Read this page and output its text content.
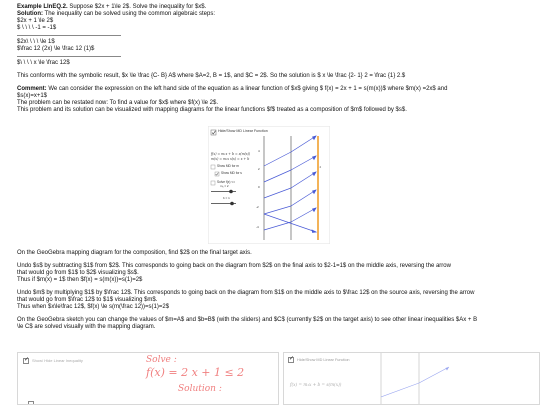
Example LInEQ.2. Suppose $2x + 1\le 2$. Solve the inequality for $x$.

Solution: The inequality can be solved using the common algebraic steps:

$2x + 1 \le 2$

$ \ \ \ \ -1 = -1$

$2x\ \ \ \ \le 1$

$\frac 12 (2x) \le \frac 12 (1)$

$\ \ \ \ x \le \frac 12$

This conforms with the symbolic result, $x \le \frac {C- B} A$ where $A=2, B = 1$, and $C = 2$. So the solution is $ x \le \frac {2- 1} 2 = \frac {1} 2.$

Comment: We can consider the expression on the left hand side of the equation as a linear function of $x$ giving $ f(x) = 2x + 1 = s(m(x))$ where $m(x) =2x$ and

$s(x)=x+1$

The problem can be restated now: To find a value for $x$ where $f(x) \le 2$.

This problem and its solution can be visualized with mapping diagrams for the linear functions $f$ treated as a composition of $m$ followed by $s$.

On the GeoGebra mapping diagram for the composition, find $2$ on the final target axis.

Undo $s$ by subtracting $1$ from $2$. This corresponds to going back on the diagram from $2$ on the final axis to $2-1=1$ on the middle axis, reversing the arrow

that would go from $1$ to $2$ visualizing $s$.

Thus if $m(x) = 1$ then $f(x) = s(m(x))=s(1)=2$

Undo $m$ by multiplying $1$ by $\frac 12$. This corresponds to going back on the diagram from $1$ on the middle axis to $\frac 12$ on the source axis, reversing the arrow

that would go from $\frac 12$ to $1$ visualizing $m$.

Thus when $x\le\frac 12$, $f(x) \le s(m(\frac 12))=s(1)=2$

On the GeoGebra sketch you can change the values of $m=A$ and $b=B$ (with the sliders) and $C$ (currently $2$ on the target axis) to see other linear inequalities $Ax + B

\le C$ are solved visually with the mapping diagram.

Hide/Show MD Linear Function
f(x) = m₁x + b = s(m(x))
m(x) = m₁x s(x) = x + b
Show MD for m
Show MD for s
Solve f(x) <=
m₁ = 2
b = 1
4
2
0
-2
-4
2
✓
Show/ Hide Linear Inequality	Solve :
f(x) = 2 x + 1 ≤ 2
Solution :
✓
Hide/Show MD Linear Function
f(x) = m₁x + b = s(m(x))
